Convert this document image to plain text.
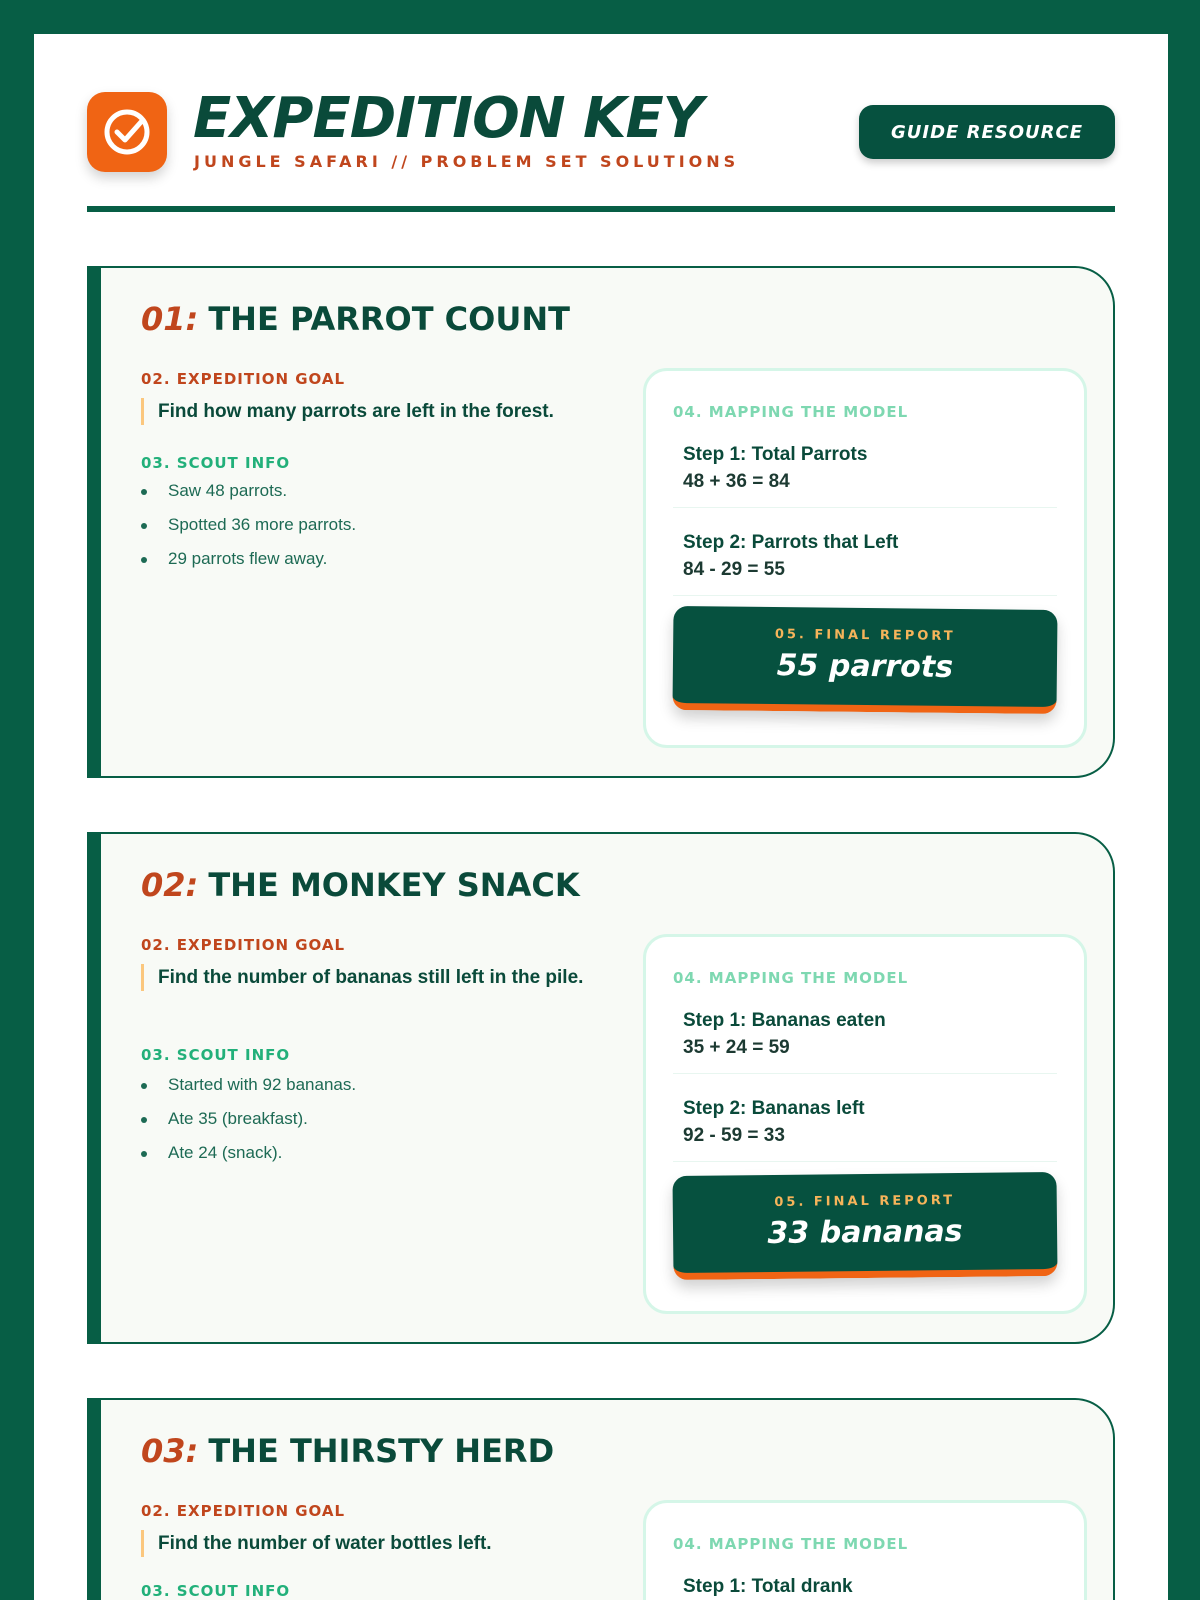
EXPEDITION KEY
JUNGLE SAFARI // PROBLEM SET SOLUTIONS
GUIDE RESOURCE
01: THE PARROT COUNT
02. EXPEDITION GOAL
Find how many parrots are left in the forest.
03. SCOUT INFO
Saw 48 parrots.
Spotted 36 more parrots.
29 parrots flew away.
04. MAPPING THE MODEL
Step 1: Total Parrots
48 + 36 = 84
Step 2: Parrots that Left
84 - 29 = 55
05. FINAL REPORT
55 parrots
02: THE MONKEY SNACK
02. EXPEDITION GOAL
Find the number of bananas still left in the pile.
03. SCOUT INFO
Started with 92 bananas.
Ate 35 (breakfast).
Ate 24 (snack).
04. MAPPING THE MODEL
Step 1: Bananas eaten
35 + 24 = 59
Step 2: Bananas left
92 - 59 = 33
05. FINAL REPORT
33 bananas
03: THE THIRSTY HERD
02. EXPEDITION GOAL
Find the number of water bottles left.
03. SCOUT INFO
04. MAPPING THE MODEL
Step 1: Total drank
